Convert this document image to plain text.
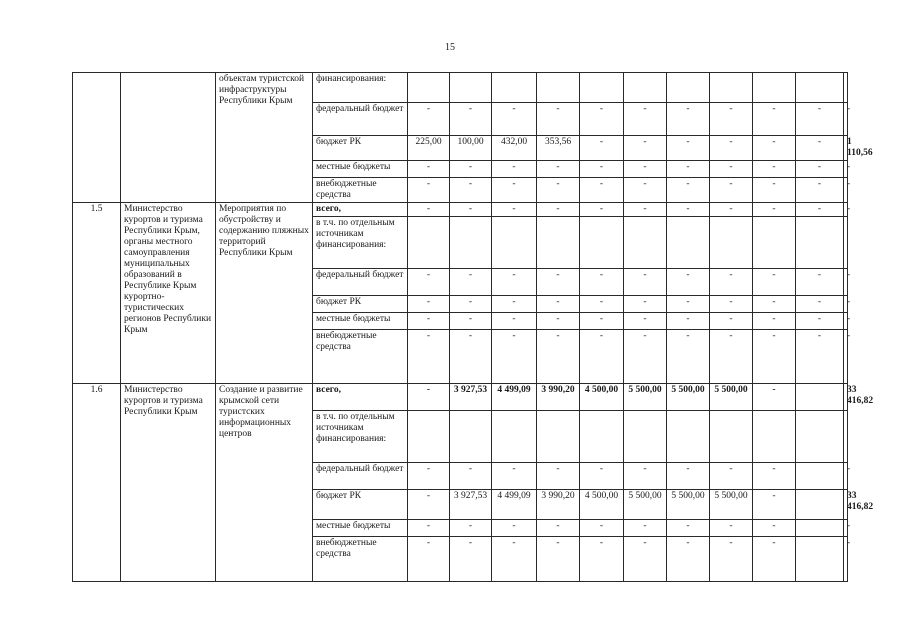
15
		объектам туристской инфраструктуры Республики Крым	финансирования:											
			федеральный бюджет	-	-	-	-	-	-	-	-	-	-	-
			бюджет РК	225,00	100,00	432,00	353,56	-	-	-	-	-	-	1 110,56
			местные бюджеты	-	-	-	-	-	-	-	-	-	-	-
			внебюджетные средства	-	-	-	-	-	-	-	-	-	-	-
1.5	Министерство курортов и туризма Республики Крым, органы местного самоуправления муниципальных образований в Республике Крым курортно-туристических регионов Республики Крым	Мероприятия по обустройству и содержанию пляжных территорий Республики Крым	всего,	-	-	-	-	-	-	-	-	-	-	-
			в т.ч. по отдельным источникам финансирования:											
			федеральный бюджет	-	-	-	-	-	-	-	-	-	-	-
			бюджет РК	-	-	-	-	-	-	-	-	-	-	-
			местные бюджеты	-	-	-	-	-	-	-	-	-	-	-
			внебюджетные средства	-	-	-	-	-	-	-	-	-	-	-
1.6	Министерство курортов и туризма Республики Крым	Создание и развитие крымской сети туристских информационных центров	всего,	-	3 927,53	4 499,09	3 990,20	4 500,00	5 500,00	5 500,00	5 500,00	-		33 416,82
			в т.ч. по отдельным источникам финансирования:											
			федеральный бюджет	-	-	-	-	-	-	-	-	-		-
			бюджет РК	-	3 927,53	4 499,09	3 990,20	4 500,00	5 500,00	5 500,00	5 500,00	-		33 416,82
			местные бюджеты	-	-	-	-	-	-	-	-	-		-
			внебюджетные средства	-	-	-	-	-	-	-	-	-		-
